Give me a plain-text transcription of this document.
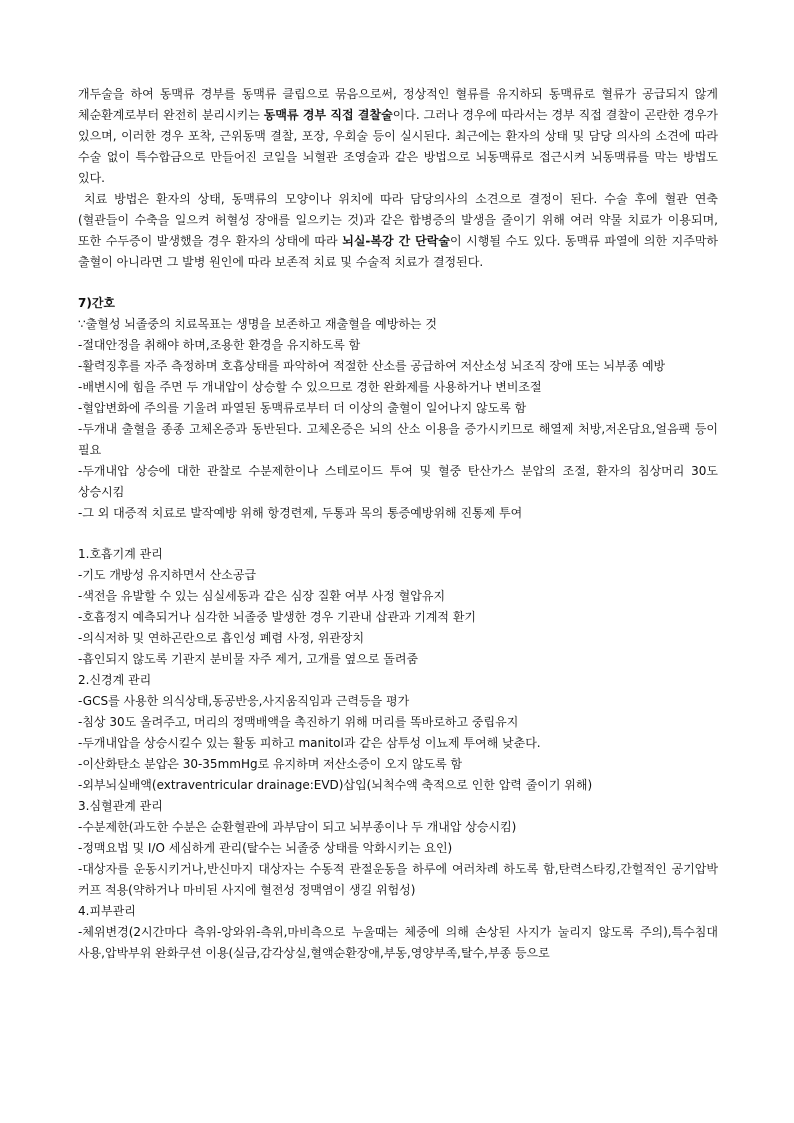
개두술을 하여 동맥류 경부를 동맥류 클립으로 묶음으로써, 정상적인 혈류를 유지하되 동맥류로 혈류가 공급되지 않게 체순환계로부터 완전히 분리시키는 동맥류 경부 직접 결찰술이다. 그러나 경우에 따라서는 경부 직접 결찰이 곤란한 경우가 있으며, 이러한 경우 포착, 근위동맥 결찰, 포장, 우회술 등이 실시된다. 최근에는 환자의 상태 및 담당 의사의 소견에 따라 수술 없이 특수합금으로 만들어진 코일을 뇌혈관 조영술과 같은 방법으로 뇌동맥류로 접근시켜 뇌동맥류를 막는 방법도 있다.

치료 방법은 환자의 상태, 동맥류의 모양이나 위치에 따라 담당의사의 소견으로 결정이 된다. 수술 후에 혈관 연축(혈관들이 수축을 일으켜 허혈성 장애를 일으키는 것)과 같은 합병증의 발생을 줄이기 위해 여러 약물 치료가 이용되며, 또한 수두증이 발생했을 경우 환자의 상태에 따라 뇌실-복강 간 단락술이 시행될 수도 있다. 동맥류 파열에 의한 지주막하 출혈이 아니라면 그 발병 원인에 따라 보존적 치료 및 수술적 치료가 결정된다.

7)간호

∵출혈성 뇌졸중의 치료목표는 생명을 보존하고 재출혈을 예방하는 것

-절대안정을 취해야 하며,조용한 환경을 유지하도록 함

-활력징후를 자주 측정하며 호흡상태를 파악하여 적절한 산소를 공급하여 저산소성 뇌조직 장애 또는 뇌부종 예방

-배변시에 힘을 주면 두 개내압이 상승할 수 있으므로 경한 완화제를 사용하거나 변비조절

-혈압변화에 주의를 기울려 파열된 동맥류로부터 더 이상의 출혈이 일어나지 않도록 함

-두개내 출혈을 종종 고체온증과 동반된다. 고체온증은 뇌의 산소 이용을 증가시키므로 해열제 처방,저온담요,얼음팩 등이 필요

-두개내압 상승에 대한 관찰로 수분제한이나 스테로이드 투여 및 혈중 탄산가스 분압의 조절, 환자의 침상머리 30도 상승시킴

-그 외 대증적 치료로 발작예방 위해 항경련제, 두통과 목의 통증예방위해 진통제 투여

1.호흡기계 관리

-기도 개방성 유지하면서 산소공급

-색전을 유발할 수 있는 심실세동과 같은 심장 질환 여부 사정 혈압유지

-호흡정지 예측되거나 심각한 뇌졸중 발생한 경우 기관내 삽관과 기계적 환기

-의식저하 및 연하곤란으로 흡인성 폐렴 사정, 위관장치

-흡인되지 않도록 기관지 분비물 자주 제거, 고개를 옆으로 돌려줌

2.신경계 관리

-GCS를 사용한 의식상태,동공반응,사지움직임과 근력등을 평가

-침상 30도 올려주고, 머리의 정맥배액을 촉진하기 위해 머리를 똑바로하고 중립유지

-두개내압을 상승시킬수 있는 활동 피하고 manitol과 같은 삼투성 이뇨제 투여해 낮춘다.

-이산화탄소 분압은 30-35mmHg로 유지하며 저산소증이 오지 않도록 함

-외부뇌실배액(extraventricular drainage:EVD)삽입(뇌척수액 축적으로 인한 압력 줄이기 위해)

3.심혈관계 관리

-수분제한(과도한 수분은 순환혈관에 과부담이 되고 뇌부종이나 두 개내압 상승시킴)

-정맥요법 및 I/O 세심하게 관리(탈수는 뇌졸중 상태를 악화시키는 요인)

-대상자를 운동시키거나,반신마지 대상자는 수동적 관절운동을 하루에 여러차례 하도록 함,탄력스타킹,간헐적인 공기압박 커프 적용(약하거나 마비된 사지에 혈전성 정맥염이 생길 위험성)

4.피부관리

-체위변경(2시간마다 측위-앙와위-측위,마비측으로 누울때는 체중에 의해 손상된 사지가 눌리지 않도록 주의),특수침대 사용,압박부위 완화쿠션 이용(실금,감각상실,혈액순환장애,부동,영양부족,탈수,부종 등으로
